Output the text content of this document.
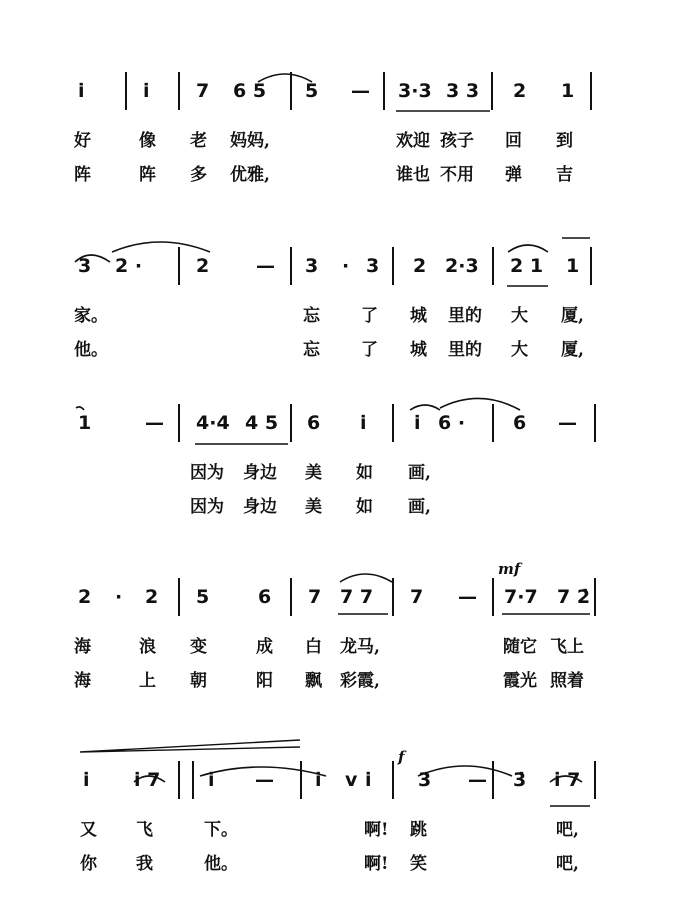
i̇	i̇ 7 6 5 5 — 3·3 3 3 2 1
好	像 老 妈妈,	欢迎 孩子 回 到
阵	阵 多 优雅,	谁也 不用 弹 吉
3 2 ·	2 — 3 · 3 2 2·3 2 1 1
家。	忘 了 城 里的 大 厦,
他。	忘 了 城 里的 大 厦,
1	— 4·4 4 5 6 i̇ i̇ 6 ·	6 —
因为 身边 美 如 画,
因为 身边 美 如 画,
2 · 2 5	6 7 7 7 7 — 7·7 7 2̇
海	浪 变	成 白 龙马,	随它 飞上
海	上 朝	阳 飘 彩霞,	霞光 照着
mf
i̇ i̇ 7	i̇ — i̇ v i̇ 3̇ — 3̇ i̇ 7
又 飞	下。	啊! 跳	吧,
你 我	他。	啊! 笑	吧,
f
